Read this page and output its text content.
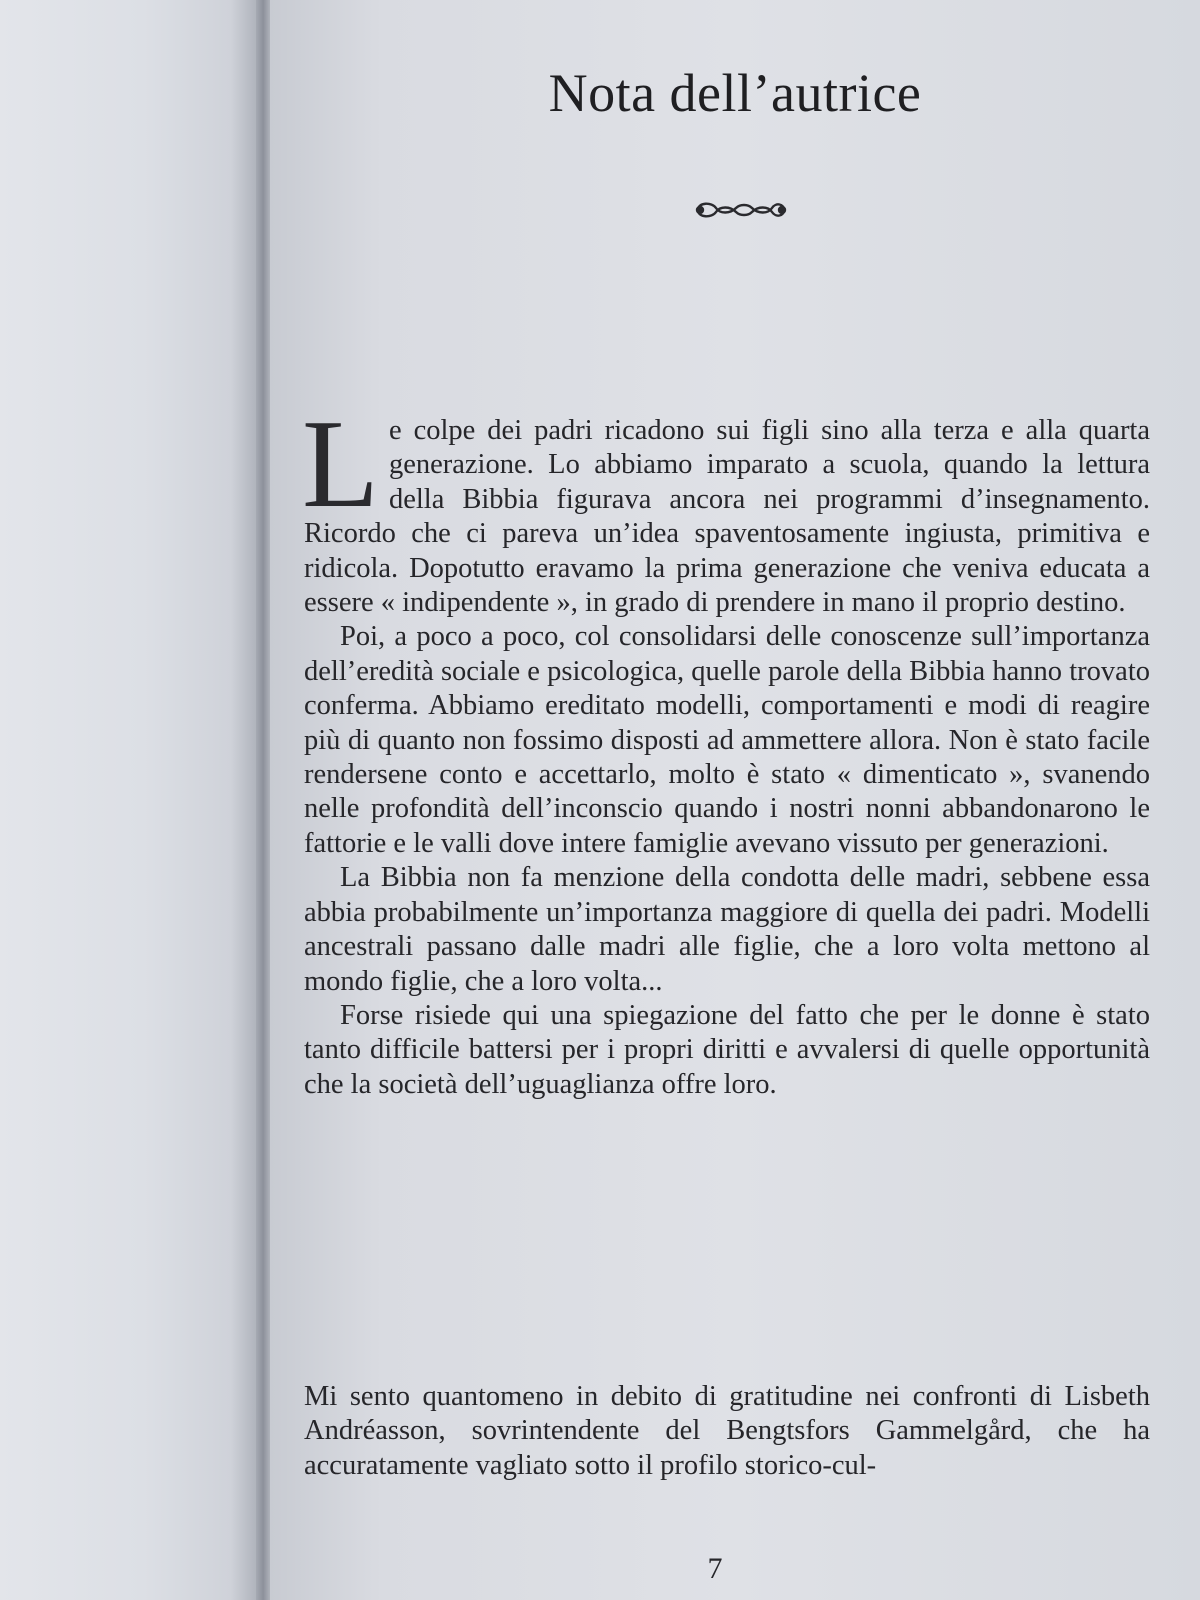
Nota dell’autrice

Le colpe dei padri ricadono sui figli sino alla terza e alla quarta generazione. Lo abbiamo imparato a scuola, quando la lettura della Bibbia figurava ancora nei programmi d’insegnamento. Ricordo che ci pareva un’idea spaventosamente ingiusta, primitiva e ridicola. Dopotutto eravamo la prima generazione che veniva educata a essere « indipendente », in grado di prendere in mano il proprio destino.

Poi, a poco a poco, col consolidarsi delle conoscenze sull’importanza dell’eredità sociale e psicologica, quelle parole della Bibbia hanno trovato conferma. Abbiamo ereditato modelli, comportamenti e modi di reagire più di quanto non fossimo disposti ad ammettere allora. Non è stato facile rendersene conto e accettarlo, molto è stato « dimenticato », svanendo nelle profondità dell’inconscio quando i nostri nonni abbandonarono le fattorie e le valli dove intere famiglie avevano vissuto per generazioni.

La Bibbia non fa menzione della condotta delle madri, sebbene essa abbia probabilmente un’importanza maggiore di quella dei padri. Modelli ancestrali passano dalle madri alle figlie, che a loro volta mettono al mondo figlie, che a loro volta...

Forse risiede qui una spiegazione del fatto che per le donne è stato tanto difficile battersi per i propri diritti e avvalersi di quelle opportunità che la società dell’uguaglianza offre loro.

Mi sento quantomeno in debito di gratitudine nei confronti di Lisbeth Andréasson, sovrintendente del Bengtsfors Gammelgård, che ha accuratamente vagliato sotto il profilo storico-cul-

7
